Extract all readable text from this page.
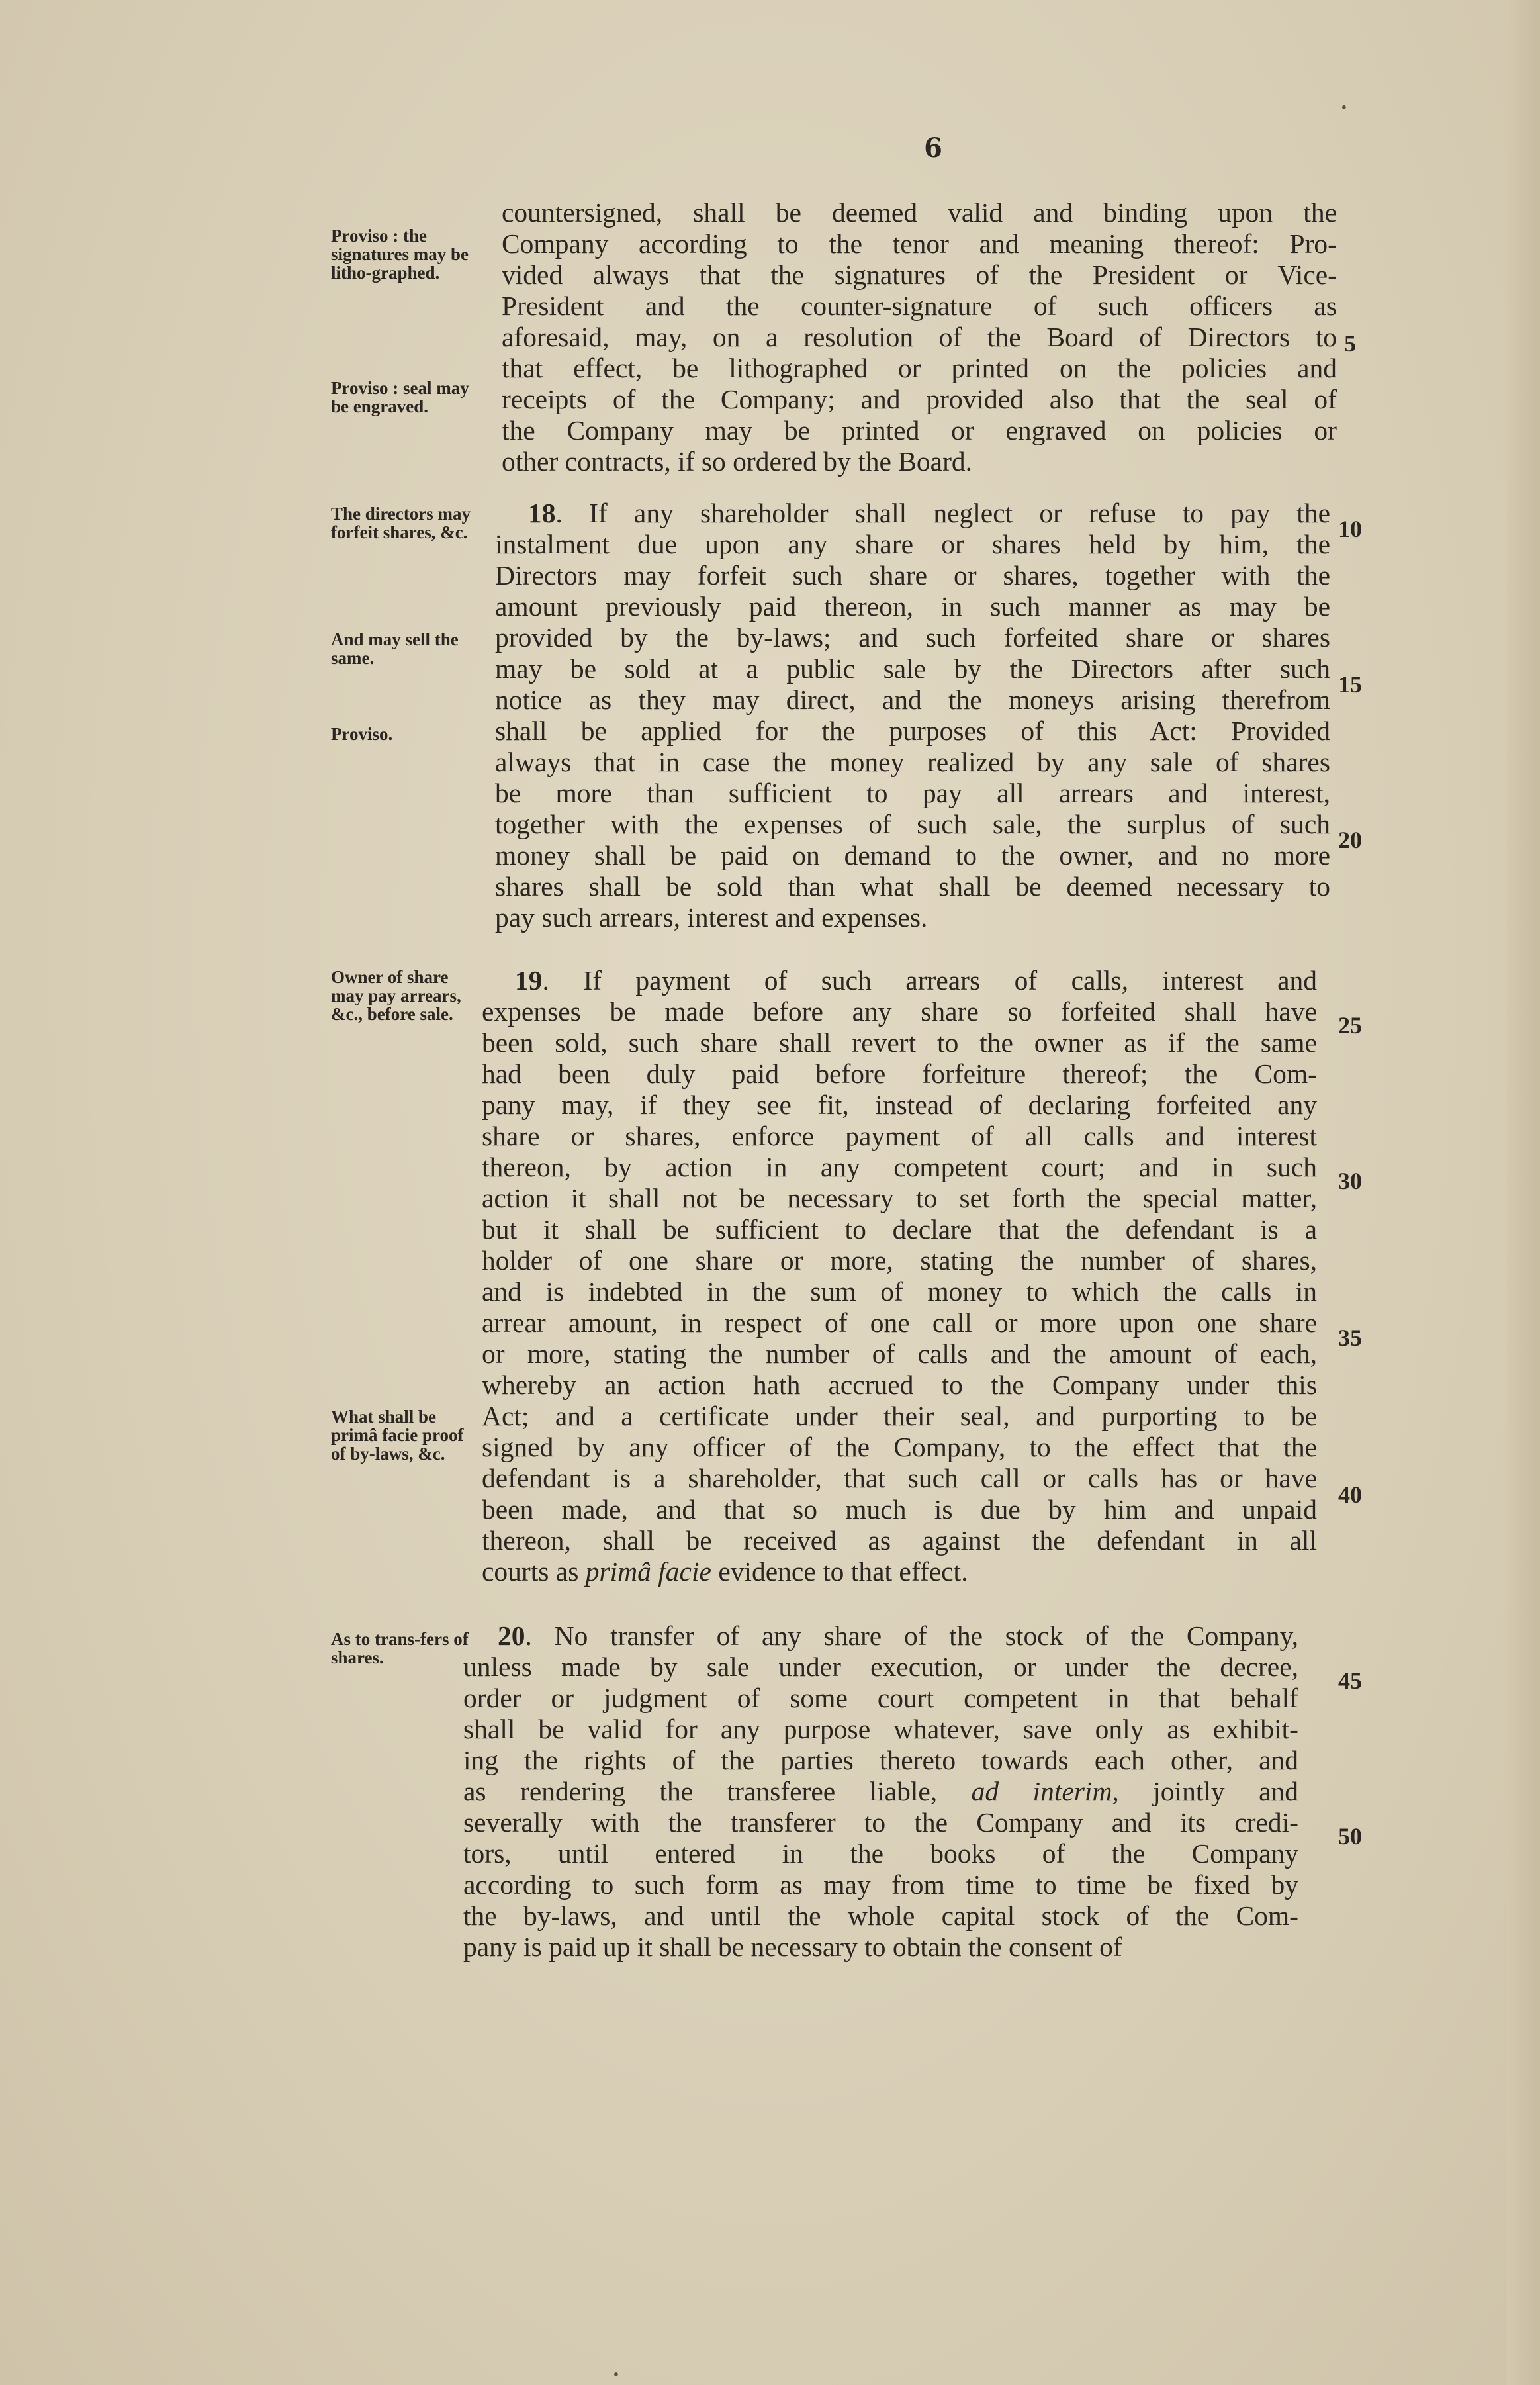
6
Proviso : the signatures may be litho-graphed.
Proviso : seal may be engraved.
The directors may forfeit shares, &c.
And may sell the same.
Proviso.
Owner of share may pay arrears, &c., before sale.
What shall be primâ facie proof of by-laws, &c.
As to trans-fers of shares.
5
10
15
20
25
30
35
40
45
50
countersigned, shall be deemed valid and binding upon the
Company according to the tenor and meaning thereof: Pro-
vided always that the signatures of the President or Vice-
President and the counter-signature of such officers as
aforesaid, may, on a resolution of the Board of Directors to
that effect, be lithographed or printed on the policies and
receipts of the Company; and provided also that the seal of
the Company may be printed or engraved on policies or
other contracts, if so ordered by the Board.
18. If any shareholder shall neglect or refuse to pay the
instalment due upon any share or shares held by him, the
Directors may forfeit such share or shares, together with the
amount previously paid thereon, in such manner as may be
provided by the by-laws; and such forfeited share or shares
may be sold at a public sale by the Directors after such
notice as they may direct, and the moneys arising therefrom
shall be applied for the purposes of this Act: Provided
always that in case the money realized by any sale of shares
be more than sufficient to pay all arrears and interest,
together with the expenses of such sale, the surplus of such
money shall be paid on demand to the owner, and no more
shares shall be sold than what shall be deemed necessary to
pay such arrears, interest and expenses.
19. If payment of such arrears of calls, interest and
expenses be made before any share so forfeited shall have
been sold, such share shall revert to the owner as if the same
had been duly paid before forfeiture thereof; the Com-
pany may, if they see fit, instead of declaring forfeited any
share or shares, enforce payment of all calls and interest
thereon, by action in any competent court; and in such
action it shall not be necessary to set forth the special matter,
but it shall be sufficient to declare that the defendant is a
holder of one share or more, stating the number of shares,
and is indebted in the sum of money to which the calls in
arrear amount, in respect of one call or more upon one share
or more, stating the number of calls and the amount of each,
whereby an action hath accrued to the Company under this
Act; and a certificate under their seal, and purporting to be
signed by any officer of the Company, to the effect that the
defendant is a shareholder, that such call or calls has or have
been made, and that so much is due by him and unpaid
thereon, shall be received as against the defendant in all
courts as primâ facie evidence to that effect.
20. No transfer of any share of the stock of the Company,
unless made by sale under execution, or under the decree,
order or judgment of some court competent in that behalf
shall be valid for any purpose whatever, save only as exhibit-
ing the rights of the parties thereto towards each other, and
as rendering the transferee liable, ad interim, jointly and
severally with the transferer to the Company and its credi-
tors, until entered in the books of the Company
according to such form as may from time to time be fixed by
the by-laws, and until the whole capital stock of the Com-
pany is paid up it shall be necessary to obtain the consent of
•
•
